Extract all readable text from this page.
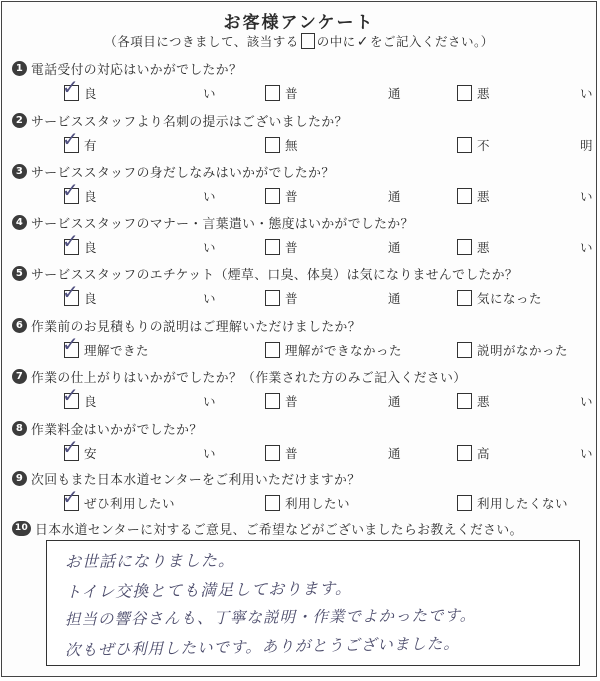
お客様アンケート
（各項目につきまして、該当する の中に✓をご記入ください。）
1 電話受付の対応はいかがでしたか？
✓ 良	い	普	通	悪	い
2 サービススタッフより名刺の提示はございましたか？
✓ 有	無	不	明
3 サービススタッフの身だしなみはいかがでしたか？
✓ 良	い	普	通	悪	い
4 サービススタッフのマナー・言葉遣い・態度はいかがでしたか？
✓ 良	い	普	通	悪	い
5 サービススタッフのエチケット（煙草、口臭、体臭）は気になりませんでしたか？
✓ 良	い	普	通	気になった
6 作業前のお見積もりの説明はご理解いただけましたか？
✓ 理解できた	理解ができなかった	説明がなかった
7 作業の仕上がりはいかがでしたか？（作業された方のみご記入ください）
✓ 良	い	普	通	悪	い
8 作業料金はいかがでしたか？
✓ 安	い	普	通	高	い
9 次回もまた日本水道センターをご利用いただけますか？
✓ ぜひ利用したい	利用したい	利用したくない
10 日本水道センターに対するご意見、ご希望などがございましたらお教えください。
お世話になりました。
トイレ交換とても満足しております。
担当の響谷さんも、丁寧な説明・作業でよかったです。
次もぜひ利用したいです。ありがとうございました。
